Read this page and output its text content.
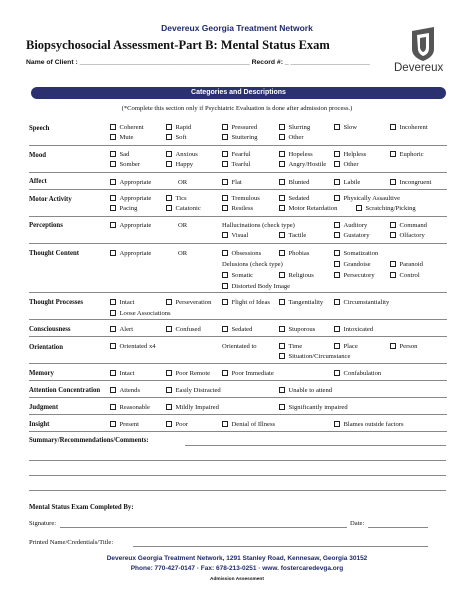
Devereux Georgia Treatment Network
Biopsychosocial Assessment-Part B: Mental Status Exam
Name of Client : _____________________________________________ Record #: _ _____________________ Devereux
Categories and Descriptions
(*Complete this section only if Psychiatric Evaluation is done after admission process.)
Speech	Coherent	Rapid	Pressured	Slurring	Slow	Incoherent
Mute	Soft	Stuttering	Other
Mood	Sad	Anxious	Fearful	Hopeless	Helpless	Euphoric
Somber	Happy	Tearful	Angry/Hostile	Other
Affect	Appropriate	OR	Flat	Blunted	Labile	Incongruent
Motor Activity	Appropriate	Tics	Tremulous	Sedated	Physically Assaultive
Pacing	Catatonic	Restless	Motor Retardation	Scratching/Picking
Perceptions	Appropriate	OR	Hallucinations (check type)	Auditory	Command
Visual	Tactile	Gustatory	Olfactory
Thought Content	Appropriate	OR	Obsessions	Phobias	Somatization
Delusions (check type)	Grandoise	Paranoid
Somatic	Religious	Persecutory	Control
Distorted Body Image
Thought Processes	Intact	Perseveration	Flight of Ideas	Tangentiality	Circumstantiality
Loose Associations
Consciousness	Alert	Confused	Sedated	Stuporous	Intoxicated
Orientation	Orientated x4	Orientated to	Time	Place	Person
Situation/Circumstance
Memory	Intact	Poor Remote	Poor Immediate	Confabulation
Attention Concentration	Attends	Easily Distracted	Unable to attend
Judgment	Reasonable	Mildly Impaired	Significantly impaired
Insight	Present	Poor	Denial of Illness	Blames outside factors
Summary/Recommendations/Comments:
Mental Status Exam Completed By:
Signature:	Date:
Printed Name/Credentials/Title:
Devereux Georgia Treatment Network, 1291 Stanley Road, Kennesaw, Georgia 30152
Phone: 770-427-0147 · Fax: 678-213-0251 · www. fostercaredevga.org
Admission Assessment
